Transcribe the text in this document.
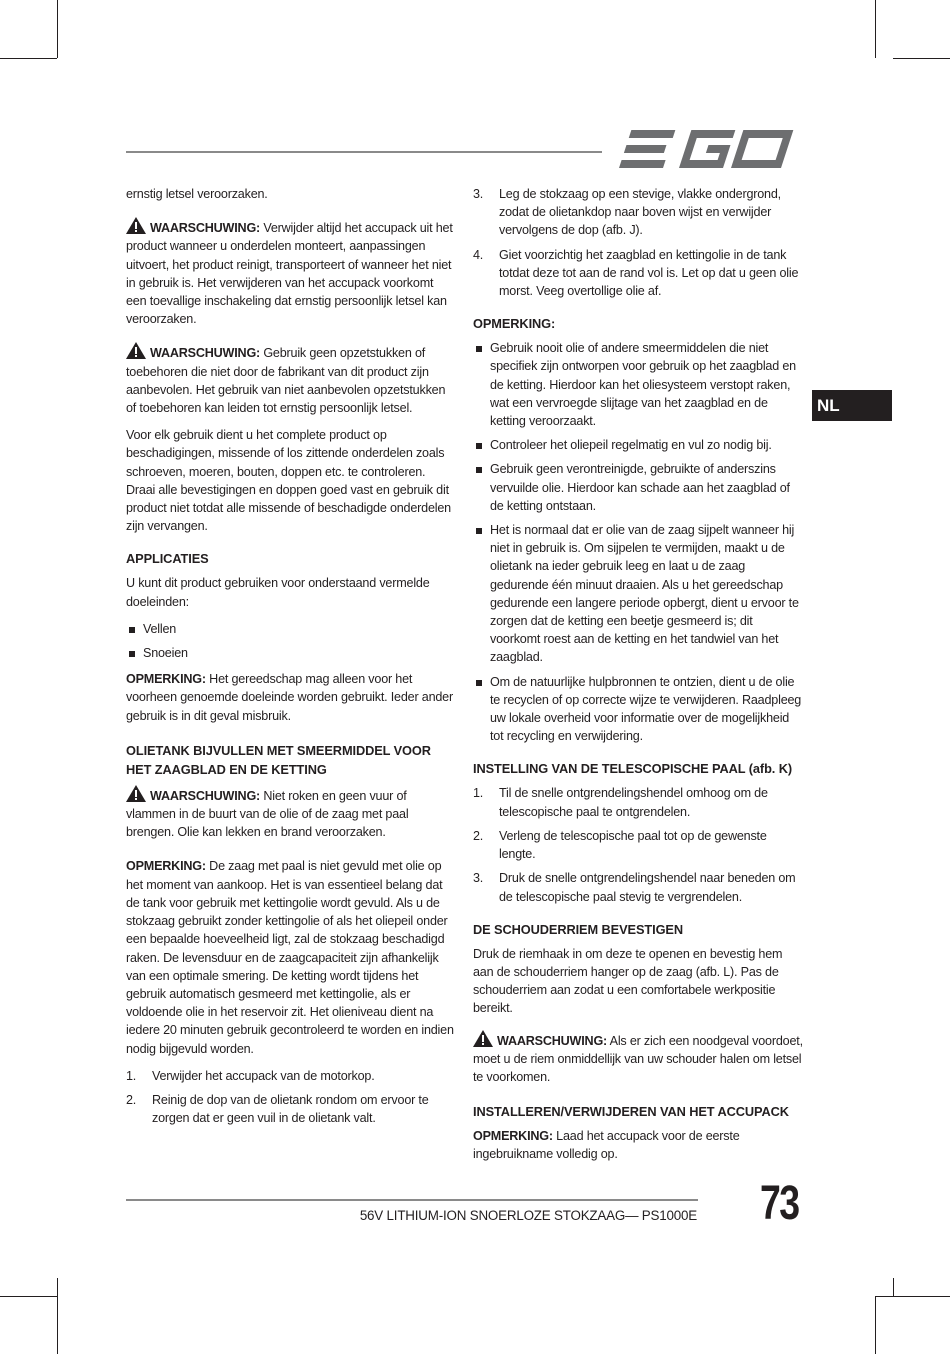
NL

ernstig letsel veroorzaken.

WAARSCHUWING: Verwijder altijd het accupack uit het product wanneer u onderdelen monteert, aanpassingen uitvoert, het product reinigt, transporteert of wanneer het niet in gebruik is. Het verwijderen van het accupack voorkomt een toevallige inschakeling dat ernstig persoonlijk letsel kan veroorzaken.

WAARSCHUWING: Gebruik geen opzetstukken of toebehoren die niet door de fabrikant van dit product zijn aanbevolen. Het gebruik van niet aanbevolen opzetstukken of toebehoren kan leiden tot ernstig persoonlijk letsel.

Voor elk gebruik dient u het complete product op beschadigingen, missende of los zittende onderdelen zoals schroeven, moeren, bouten, doppen etc. te controleren. Draai alle bevestigingen en doppen goed vast en gebruik dit product niet totdat alle missende of beschadigde onderdelen zijn vervangen.

APPLICATIES

U kunt dit product gebruiken voor onderstaand vermelde doeleinden:

Vellen
Snoeien

OPMERKING: Het gereedschap mag alleen voor het voorheen genoemde doeleinde worden gebruikt. Ieder ander gebruik is in dit geval misbruik.

OLIETANK BIJVULLEN MET SMEERMIDDEL VOOR HET ZAAGBLAD EN DE KETTING

WAARSCHUWING: Niet roken en geen vuur of vlammen in de buurt van de olie of de zaag met paal brengen. Olie kan lekken en brand veroorzaken.

OPMERKING: De zaag met paal is niet gevuld met olie op het moment van aankoop. Het is van essentieel belang dat de tank voor gebruik met kettingolie wordt gevuld. Als u de stokzaag gebruikt zonder kettingolie of als het oliepeil onder een bepaalde hoeveelheid ligt, zal de stokzaag beschadigd raken. De levensduur en de zaagcapaciteit zijn afhankelijk van een optimale smering. De ketting wordt tijdens het gebruik automatisch gesmeerd met kettingolie, als er voldoende olie in het reservoir zit. Het olieniveau dient na iedere 20 minuten gebruik gecontroleerd te worden en indien nodig bijgevuld worden.

1. Verwijder het accupack van de motorkop.
2. Reinig de dop van de olietank rondom om ervoor te zorgen dat er geen vuil in de olietank valt.
3. Leg de stokzaag op een stevige, vlakke ondergrond, zodat de olietankdop naar boven wijst en verwijder vervolgens de dop (afb. J).
4. Giet voorzichtig het zaagblad en kettingolie in de tank totdat deze tot aan de rand vol is. Let op dat u geen olie morst. Veeg overtollige olie af.
OPMERKING:
Gebruik nooit olie of andere smeermiddelen die niet specifiek zijn ontworpen voor gebruik op het zaagblad en de ketting. Hierdoor kan het oliesysteem verstopt raken, wat een vervroegde slijtage van het zaagblad en de ketting veroorzaakt.
Controleer het oliepeil regelmatig en vul zo nodig bij.
Gebruik geen verontreinigde, gebruikte of anderszins vervuilde olie. Hierdoor kan schade aan het zaagblad of de ketting ontstaan.
Het is normaal dat er olie van de zaag sijpelt wanneer hij niet in gebruik is. Om sijpelen te vermijden, maakt u de olietank na ieder gebruik leeg en laat u de zaag gedurende één minuut draaien. Als u het gereedschap gedurende een langere periode opbergt, dient u ervoor te zorgen dat de ketting een beetje gesmeerd is; dit voorkomt roest aan de ketting en het tandwiel van het zaagblad.
Om de natuurlijke hulpbronnen te ontzien, dient u de olie te recyclen of op correcte wijze te verwijderen. Raadpleeg uw lokale overheid voor informatie over de mogelijkheid tot recycling en verwijdering.
INSTELLING VAN DE TELESCOPISCHE PAAL (afb. K)
1. Til de snelle ontgrendelingshendel omhoog om de telescopische paal te ontgrendelen.
2. Verleng de telescopische paal tot op de gewenste lengte.
3. Druk de snelle ontgrendelingshendel naar beneden om de telescopische paal stevig te vergrendelen.
DE SCHOUDERRIEM BEVESTIGEN

Druk de riemhaak in om deze te openen en bevestig hem aan de schouderriem hanger op de zaag (afb. L). Pas de schouderriem aan zodat u een comfortabele werkpositie bereikt.

WAARSCHUWING: Als er zich een noodgeval voordoet, moet u de riem onmiddellijk van uw schouder halen om letsel te voorkomen.

INSTALLEREN/VERWIJDEREN VAN HET ACCUPACK

OPMERKING: Laad het accupack voor de eerste ingebruikname volledig op.

56V LITHIUM-ION SNOERLOZE STOKZAAG— PS1000E 73
